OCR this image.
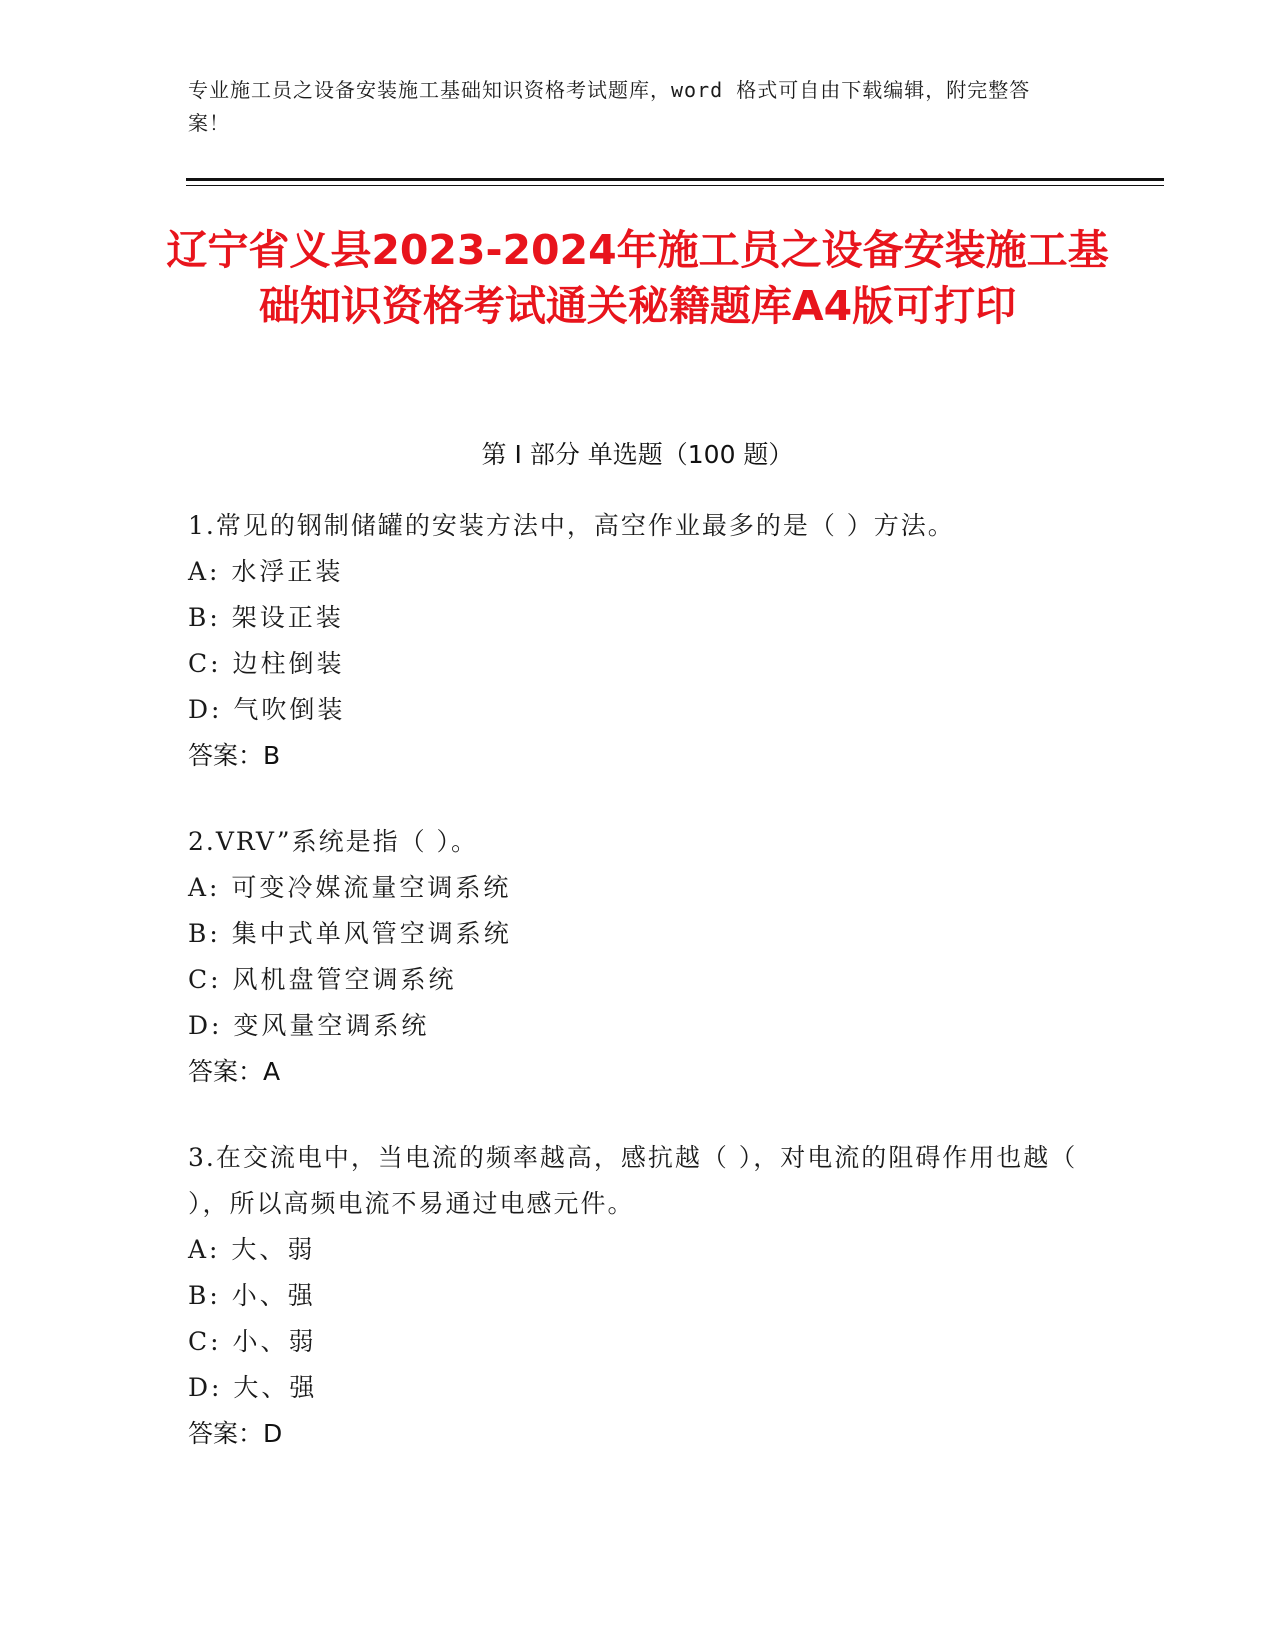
专业施工员之设备安装施工基础知识资格考试题库，word 格式可自由下载编辑，附完整答案！
辽宁省义县2023-2024年施工员之设备安装施工基础知识资格考试通关秘籍题库A4版可打印
第 I 部分 单选题（100 题）

1.常见的钢制储罐的安装方法中，高空作业最多的是（ ）方法。

A: 水浮正装

B: 架设正装

C: 边柱倒装

D: 气吹倒装

答案：B

2.VRV”系统是指（ ）。

A: 可变冷媒流量空调系统

B: 集中式单风管空调系统

C: 风机盘管空调系统

D: 变风量空调系统

答案：A

3.在交流电中，当电流的频率越高，感抗越（ ），对电流的阻碍作用也越（ ），所以高频电流不易通过电感元件。

A: 大、弱

B: 小、强

C: 小、弱

D: 大、强

答案：D
